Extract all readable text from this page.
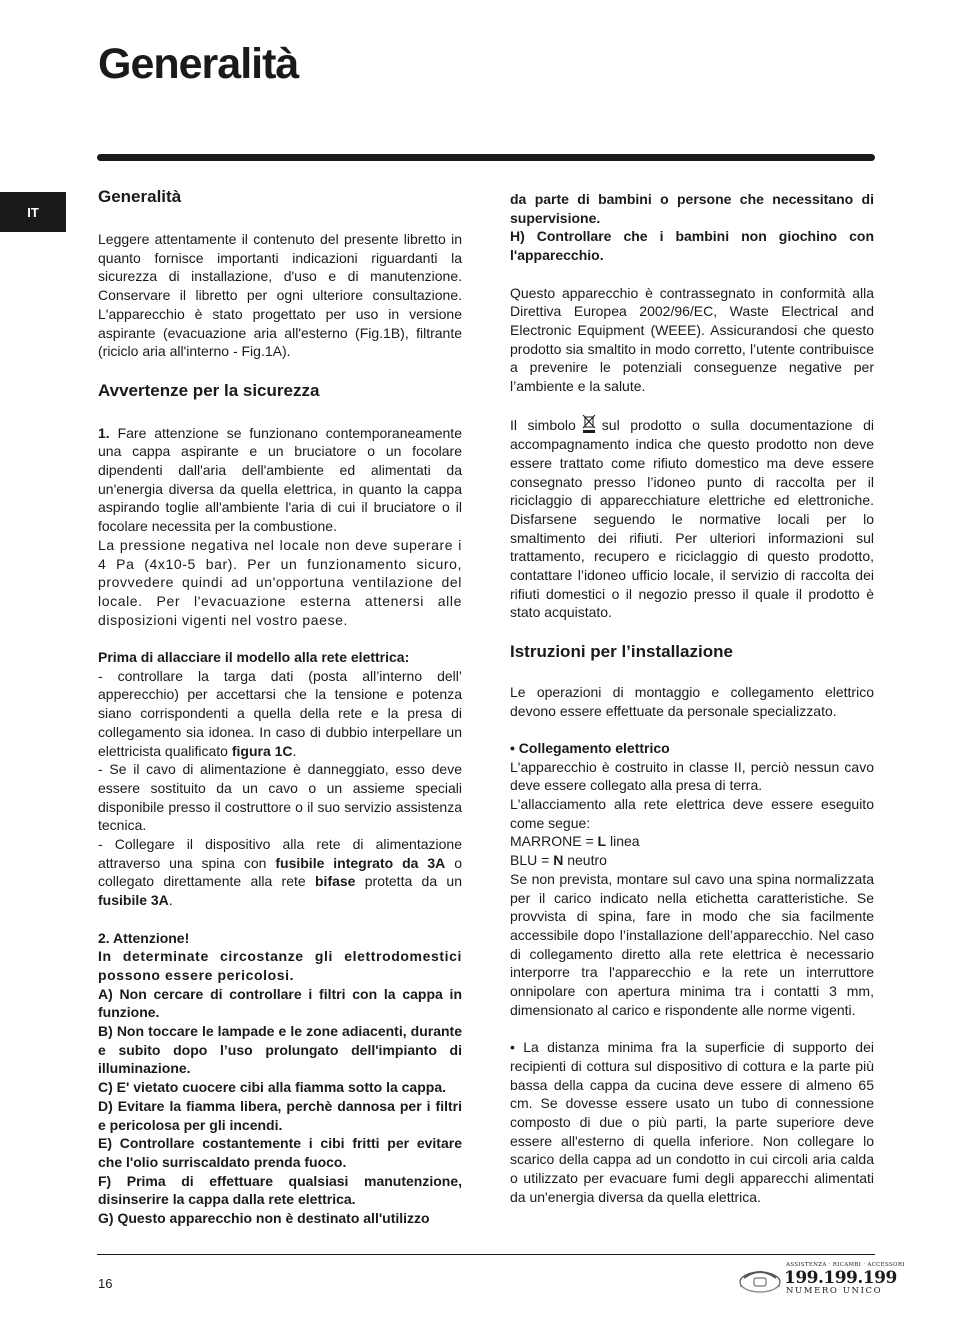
Generalità
IT
Generalità

Leggere attentamente il contenuto del presente libretto in quanto fornisce importanti indicazioni riguardanti la sicurezza di installazione, d'uso e di manutenzione. Conservare il libretto per ogni ulteriore consultazione. L'apparecchio è stato progettato per uso in versione aspirante (evacuazione aria all'esterno (Fig.1B), filtrante (riciclo aria all'interno - Fig.1A).

Avvertenze per la sicurezza

1. Fare attenzione se funzionano contemporaneamente una cappa aspirante e un bruciatore o un focolare dipendenti dall'aria dell'ambiente ed alimentati da un'energia diversa da quella elettrica, in quanto la cappa aspirando toglie all'ambiente l'aria di cui il bruciatore o il focolare necessita per la combustione.

La pressione negativa nel locale non deve superare i 4 Pa (4x10-5 bar). Per un funzionamento sicuro, provvedere quindi ad un'opportuna ventilazione del locale. Per l'evacuazione esterna attenersi alle disposizioni vigenti nel vostro paese.

Prima di allacciare il modello alla rete elettrica:

- controllare la targa dati (posta all’interno dell’ apperecchio) per accettarsi che la tensione e potenza siano corrispondenti a quella della rete e la presa di collegamento sia idonea. In caso di dubbio interpellare un elettricista qualificato figura 1C.

- Se il cavo di alimentazione è danneggiato, esso deve essere sostituito da un cavo o un assieme speciali disponibile presso il costruttore o il suo servizio assistenza tecnica.

- Collegare il dispositivo alla rete di alimentazione attraverso una spina con fusibile integrato da 3A o collegato direttamente alla rete bifase protetta da un fusibile 3A.

2. Attenzione!

In determinate circostanze gli elettrodomestici possono essere pericolosi.

A) Non cercare di controllare i filtri con la cappa in funzione.

B) Non toccare le lampade e le zone adiacenti, durante e subito dopo l’uso prolungato dell'impianto di illuminazione.

C) E' vietato cuocere cibi alla fiamma sotto la cappa.

D) Evitare la fiamma libera, perchè dannosa per i filtri e pericolosa per gli incendi.

E) Controllare costantemente i cibi fritti per evitare che l'olio surriscaldato prenda fuoco.

F) Prima di effettuare qualsiasi manutenzione, disinserire la cappa dalla rete elettrica.

G) Questo apparecchio non è destinato all'utilizzo

da parte di bambini o persone che necessitano di supervisione.

H) Controllare che i bambini non giochino con l'apparecchio.

Questo apparecchio è contrassegnato in conformità alla Direttiva Europea 2002/96/EC, Waste Electrical and Electronic Equipment (WEEE). Assicurandosi che questo prodotto sia smaltito in modo corretto, l’utente contribuisce a prevenire le potenziali conseguenze negative per l’ambiente e la salute.

Il simbolo sul prodotto o sulla documentazione di accompagnamento indica che questo prodotto non deve essere trattato come rifiuto domestico ma deve essere consegnato presso l’idoneo punto di raccolta per il riciclaggio di apparecchiature elettriche ed elettroniche. Disfarsene seguendo le normative locali per lo smaltimento dei rifiuti. Per ulteriori informazioni sul trattamento, recupero e riciclaggio di questo prodotto, contattare l’idoneo ufficio locale, il servizio di raccolta dei rifiuti domestici o il negozio presso il quale il prodotto è stato acquistato.

Istruzioni per l’installazione

Le operazioni di montaggio e collegamento elettrico devono essere effettuate da personale specializzato.

• Collegamento elettrico

L'apparecchio è costruito in classe II, perciò nessun cavo deve essere collegato alla presa di terra.

L'allacciamento alla rete elettrica deve essere eseguito come segue:

MARRONE = L linea

BLU = N neutro

Se non prevista, montare sul cavo una spina normalizzata per il carico indicato nella etichetta caratteristiche. Se provvista di spina, fare in modo che sia facilmente accessibile dopo l’installazione dell’apparecchio. Nel caso di collegamento diretto alla rete elettrica è necessario interporre tra l'apparecchio e la rete un interruttore onnipolare con apertura minima tra i contatti 3 mm, dimensionato al carico e rispondente alle norme vigenti.

• La distanza minima fra la superficie di supporto dei recipienti di cottura sul dispositivo di cottura e la parte più bassa della cappa da cucina deve essere di almeno 65 cm. Se dovesse essere usato un tubo di connessione composto di due o più parti, la parte superiore deve essere all'esterno di quella inferiore. Non collegare lo scarico della cappa ad un condotto in cui circoli aria calda o utilizzato per evacuare fumi degli apparecchi alimentati da un'energia diversa da quella elettrica.

16
ASSISTENZA · RICAMBI · ACCESSORI
199.199.199
NUMERO UNICO
